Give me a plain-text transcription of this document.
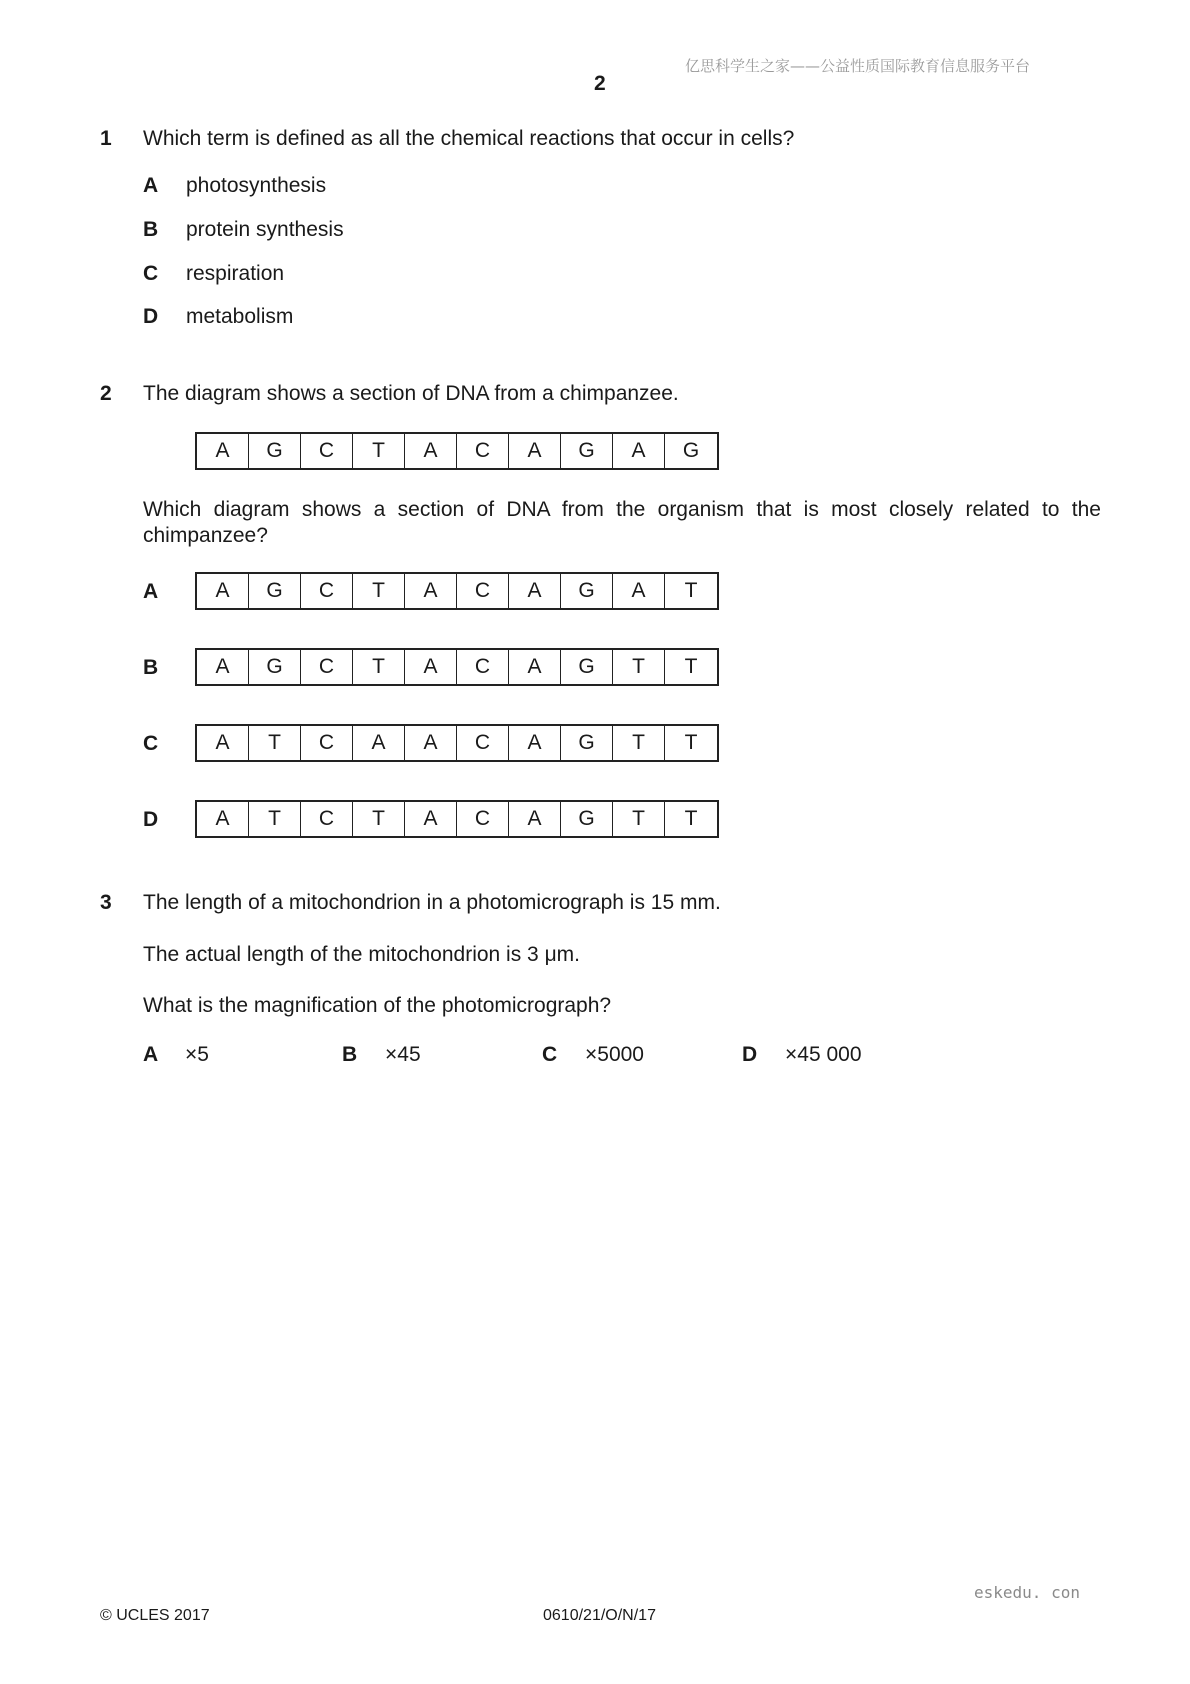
亿思科学生之家——公益性质国际教育信息服务平台
2
1 Which term is defined as all the chemical reactions that occur in cells?
A photosynthesis
B protein synthesis
C respiration
D metabolism
2 The diagram shows a section of DNA from a chimpanzee.
A	G	C	T	A	C	A	G	A	G
Which diagram shows a section of DNA from the organism that is most closely related to the chimpanzee?
A	A	G	C	T	A	C	A	G	A	T
B	A	G	C	T	A	C	A	G	T	T
C	A	T	C	A	A	C	A	G	T	T
D	A	T	C	T	A	C	A	G	T	T
3 The length of a mitochondrion in a photomicrograph is 15 mm.
The actual length of the mitochondrion is 3 μm.
What is the magnification of the photomicrograph?
A ×5	B ×45	C ×5000	D ×45 000
eskedu. con
© UCLES 2017	0610/21/O/N/17
